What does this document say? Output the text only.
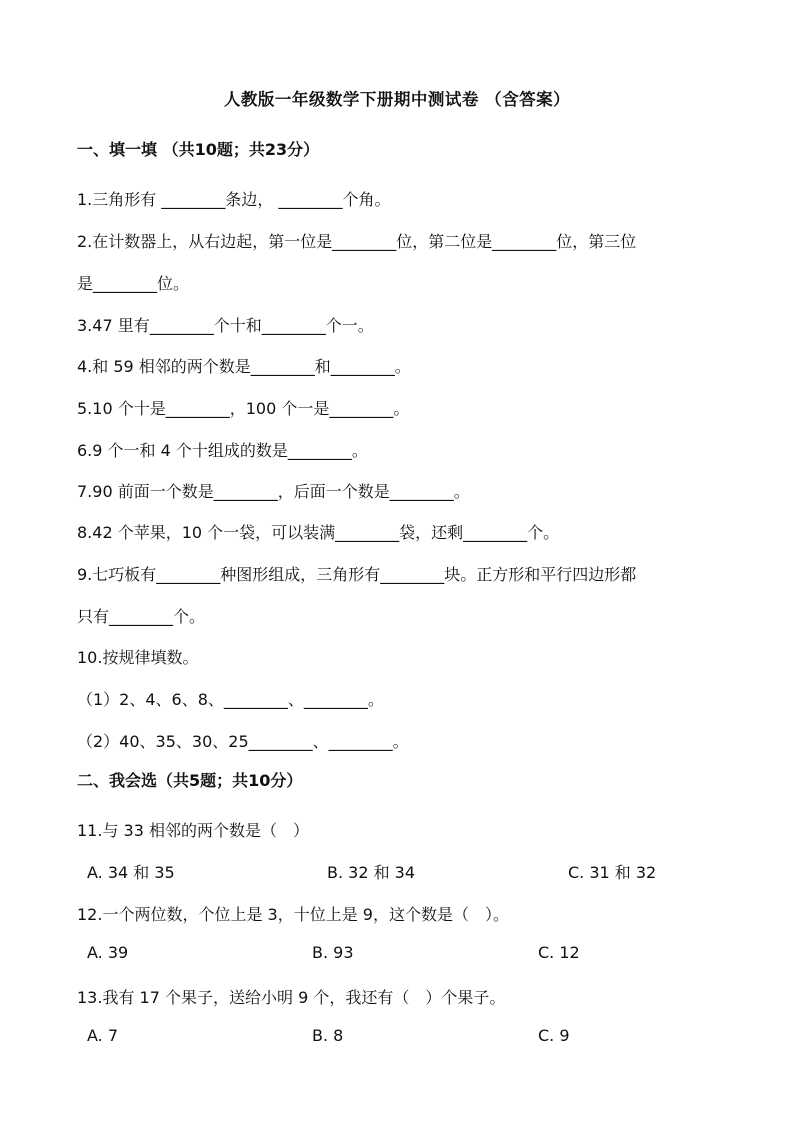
人教版一年级数学下册期中测试卷 （含答案）
一、填一填 （共10题；共23分）
1.三角形有 ________条边， ________个角。
2.在计数器上，从右边起，第一位是________位，第二位是________位，第三位
是________位。
3.47 里有________个十和________个一。
4.和 59 相邻的两个数是________和________。
5.10 个十是________，100 个一是________。
6.9 个一和 4 个十组成的数是________。
7.90 前面一个数是________，后面一个数是________。
8.42 个苹果，10 个一袋，可以装满________袋，还剩________个。
9.七巧板有________种图形组成，三角形有________块。正方形和平行四边形都
只有________个。
10.按规律填数。
（1）2、4、6、8、________、________。
（2）40、35、30、25________、________。
二、我会选（共5题；共10分）
11.与 33 相邻的两个数是（　）
A. 34 和 35	B. 32 和 34	C. 31 和 32
12.一个两位数，个位上是 3，十位上是 9，这个数是（　）。
A. 39	B. 93	C. 12
13.我有 17 个果子，送给小明 9 个，我还有（　）个果子。
A. 7	B. 8	C. 9
